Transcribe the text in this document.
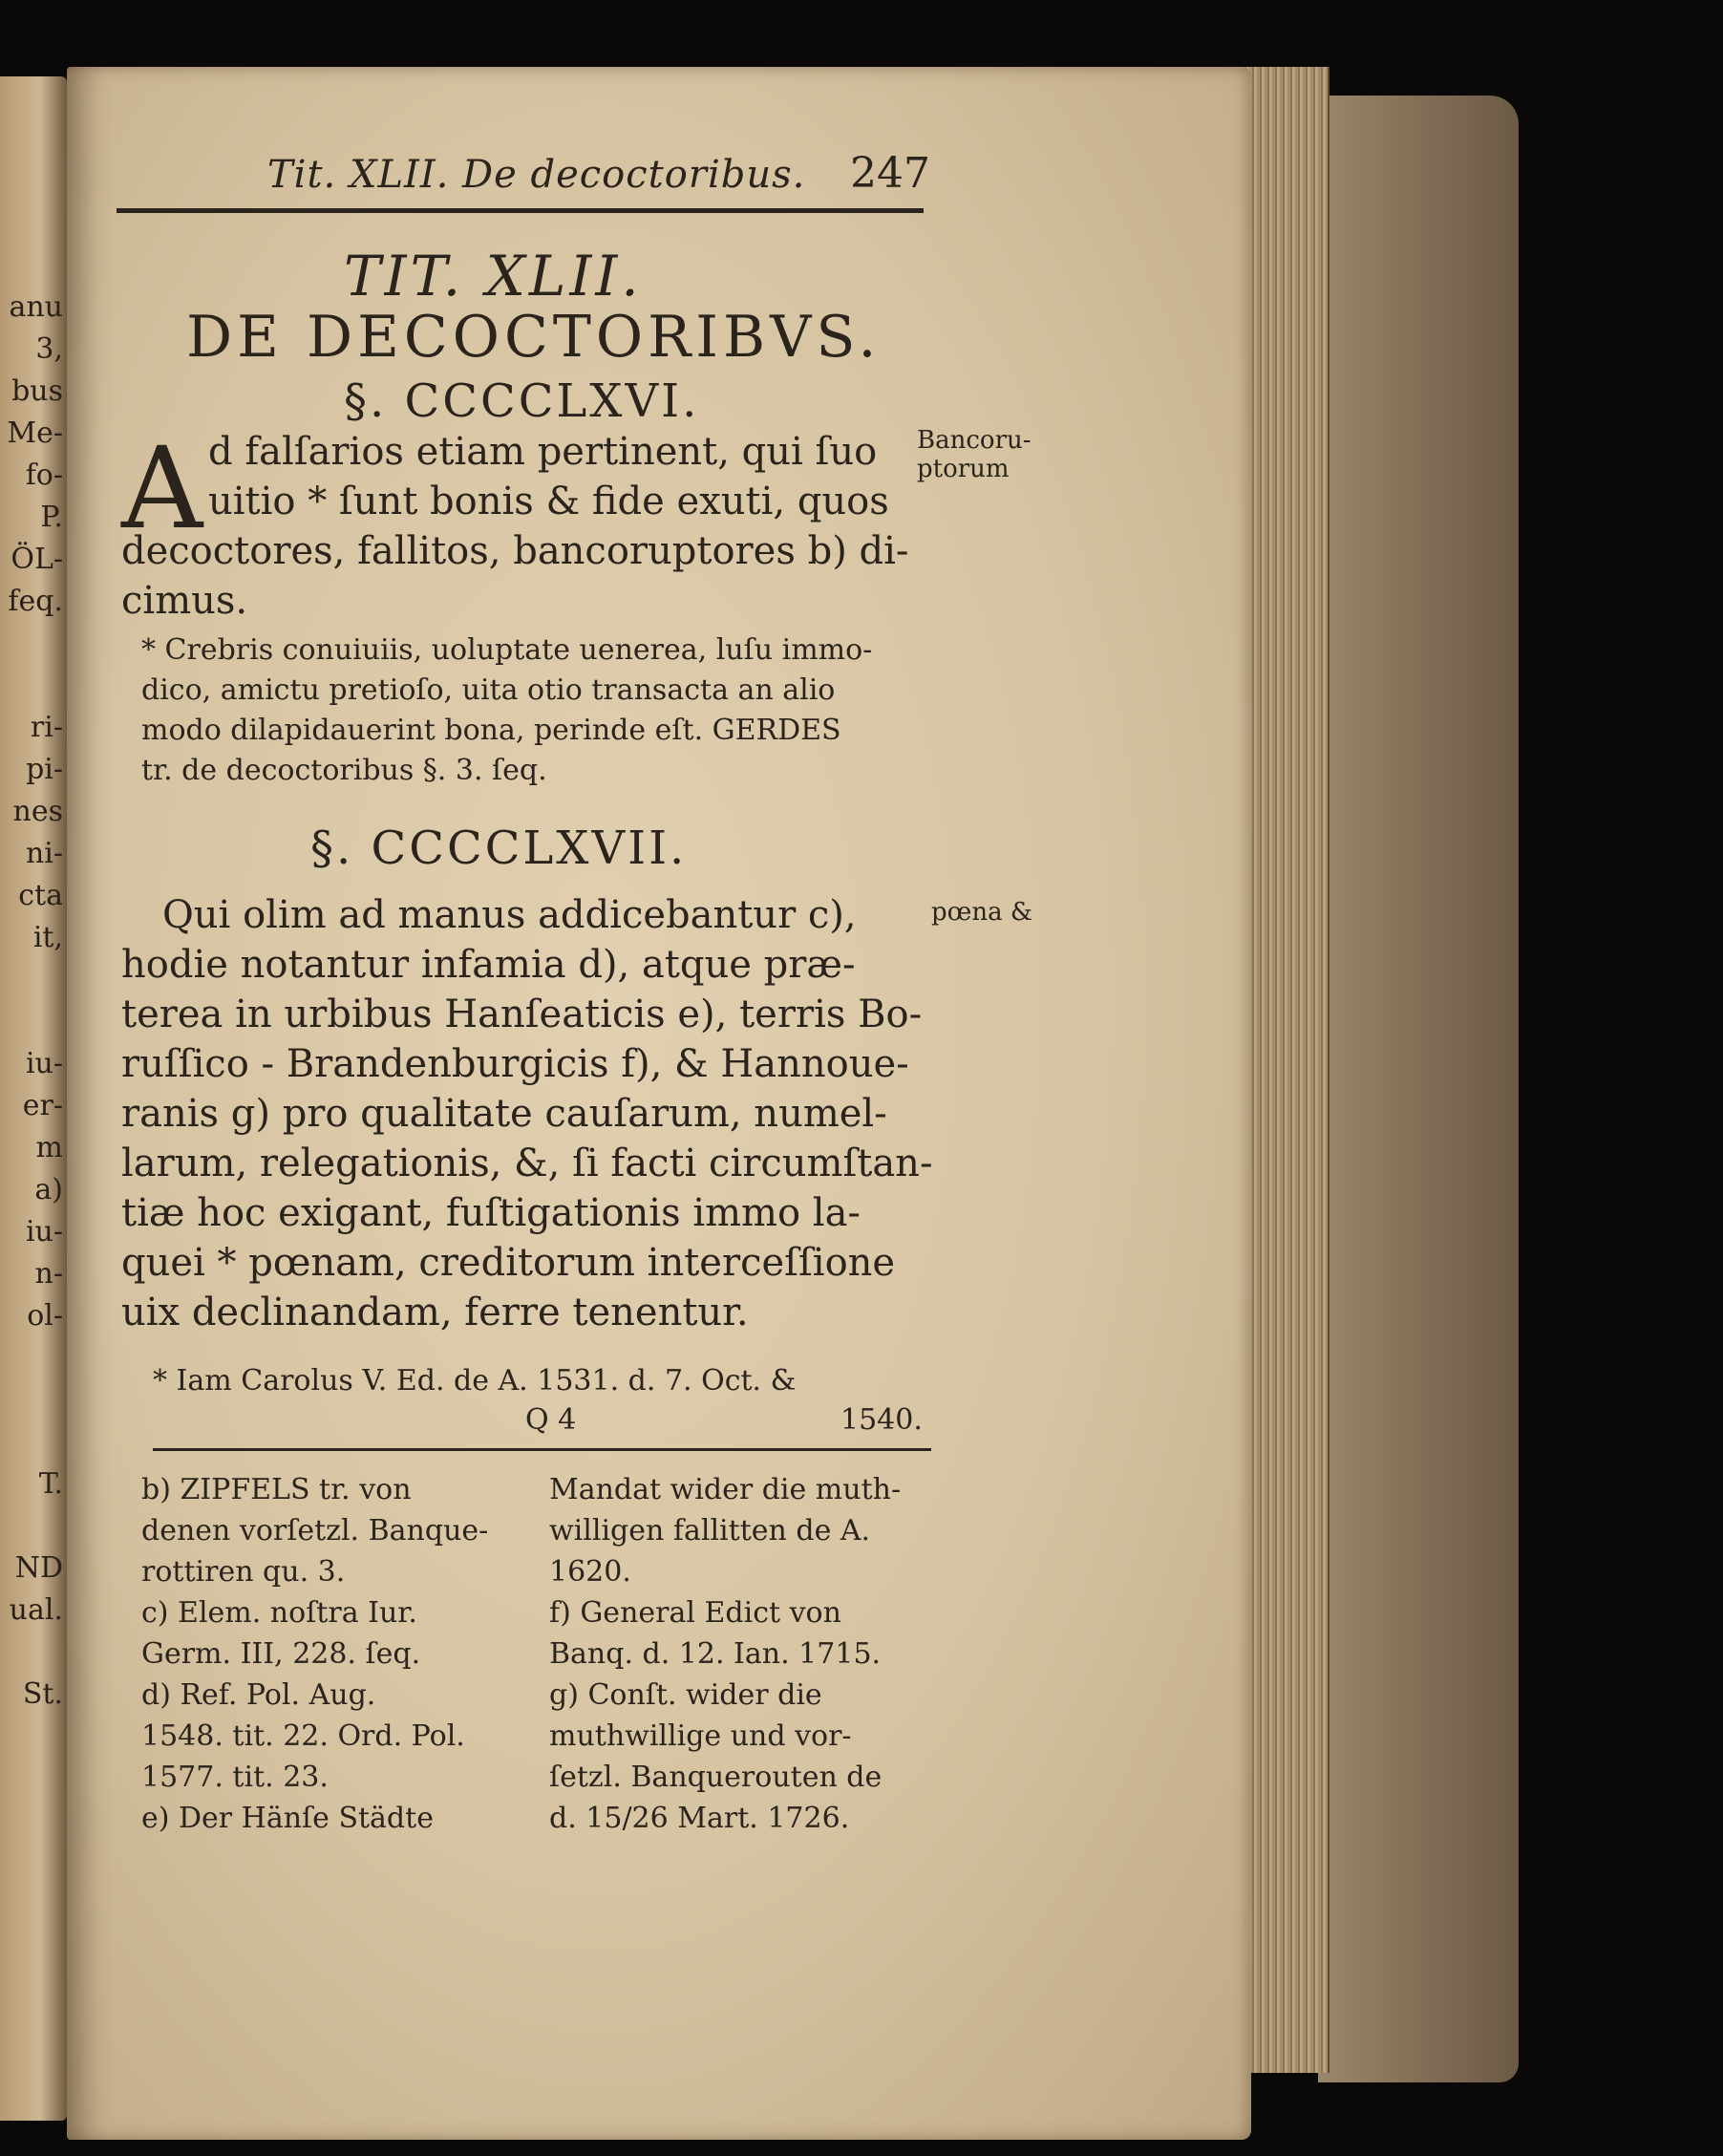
anu
3,
bus
Me-
fo-
P.
ÖL-
feq.

ri-
pi-
nes
ni-
cta
it,

iu-
er-
m
a)
iu-
n-
ol-

T.

ND
ual.

St.
Tit. XLII. De decoctoribus. 247
TIT. XLII.
DE DECOCTORIBVS.
§. CCCCLXVI.
A d falſarios etiam pertinent, qui ſuo
uitio * ſunt bonis & fide exuti, quos
decoctores, fallitos, bancoruptores b) di-
cimus.
Bancoru-
ptorum
* Crebris conuiuiis, uoluptate uenerea, luſu immo-
dico, amictu pretioſo, uita otio transacta an alio
modo dilapidauerint bona, perinde eſt. GERDES
tr. de decoctoribus §. 3. ſeq.
§. CCCCLXVII.
Qui olim ad manus addicebantur c),
hodie notantur infamia d), atque præ-
terea in urbibus Hanſeaticis e), terris Bo-
ruſſico - Brandenburgicis f), & Hannoue-
ranis g) pro qualitate cauſarum, numel-
larum, relegationis, &, ſi facti circumſtan-
tiæ hoc exigant, fuſtigationis immo la-
quei * pœnam, creditorum interceſſione
uix declinandam, ferre tenentur.
pœna &
* Iam Carolus V. Ed. de A. 1531. d. 7. Oct. &
Q 4	1540.
b) ZIPFELS tr. von
denen vorſetzl. Banque-
rottiren qu. 3.
c) Elem. noſtra Iur.
Germ. III, 228. ſeq.
d) Ref. Pol. Aug.
1548. tit. 22. Ord. Pol.
1577. tit. 23.
e) Der Hänſe Städte
Mandat wider die muth-
willigen fallitten de A.
1620.
f) General Edict von
Banq. d. 12. Ian. 1715.
g) Conſt. wider die
muthwillige und vor-
ſetzl. Banquerouten de
d. 15/26 Mart. 1726.
